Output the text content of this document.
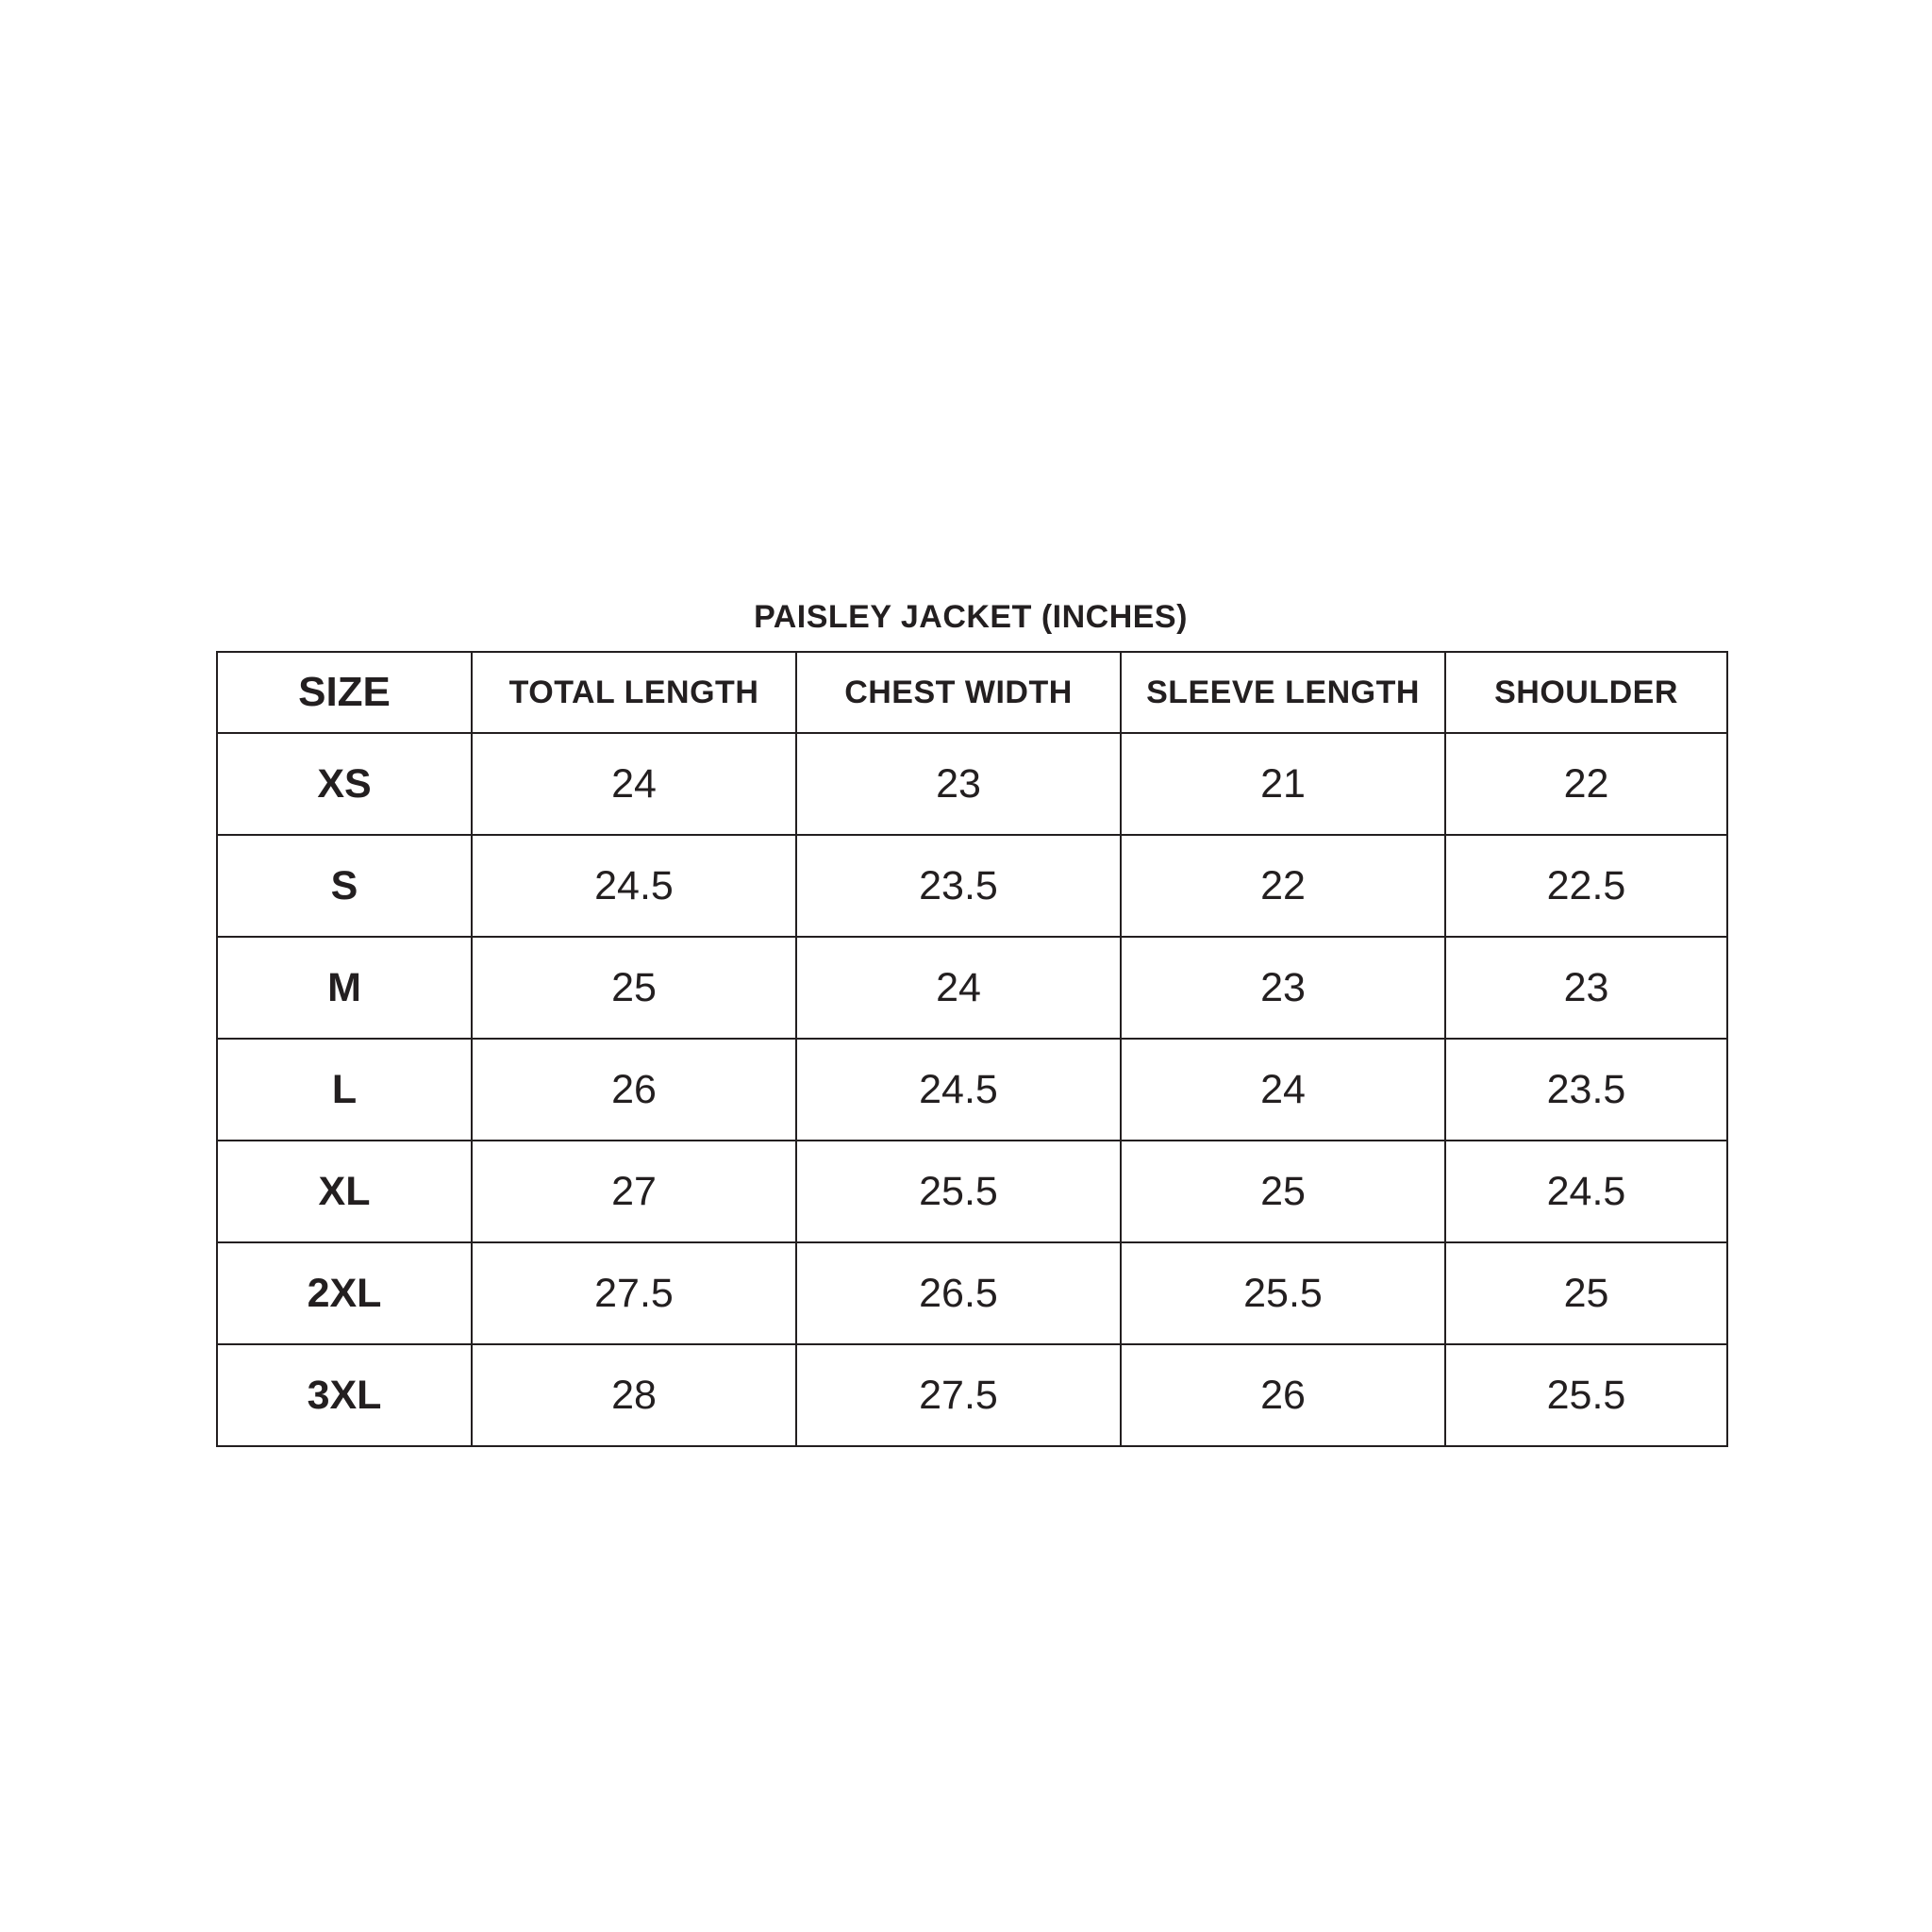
PAISLEY JACKET (INCHES)
SIZE	TOTAL LENGTH	CHEST WIDTH	SLEEVE LENGTH	SHOULDER
XS	24	23	21	22
S	24.5	23.5	22	22.5
M	25	24	23	23
L	26	24.5	24	23.5
XL	27	25.5	25	24.5
2XL	27.5	26.5	25.5	25
3XL	28	27.5	26	25.5
